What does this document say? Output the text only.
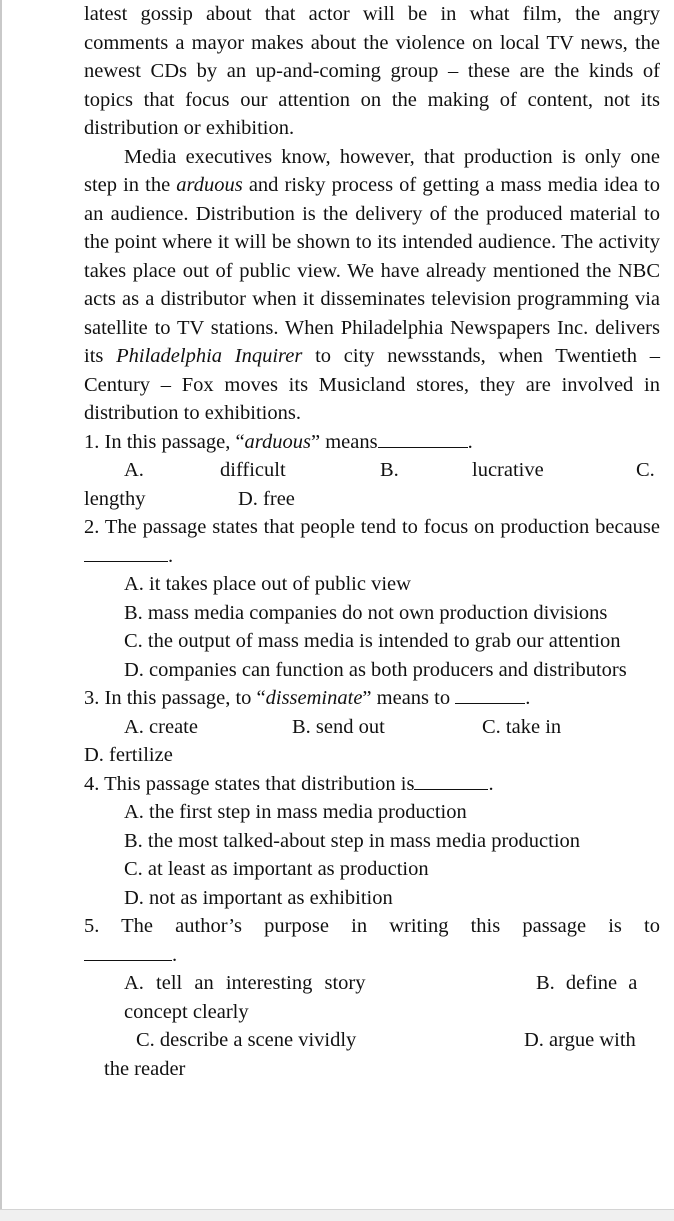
latest gossip about that actor will be in what film, the angry comments a mayor makes about the violence on local TV news, the newest CDs by an up-and-coming group – these are the kinds of topics that focus our attention on the making of content, not its distribution or exhibition.

Media executives know, however, that production is only one step in the arduous and risky process of getting a mass media idea to an audience. Distribution is the delivery of the produced material to the point where it will be shown to its intended audience. The activity takes place out of public view. We have already mentioned the NBC acts as a distributor when it disseminates television programming via satellite to TV stations. When Philadelphia Newspapers Inc. delivers its Philadelphia Inquirer to city newsstands, when Twentieth – Century – Fox moves its Musicland stores, they are involved in distribution to exhibitions.

1. In this passage, “arduous” means	.
A.	difficult	B.	lucrative	C.
lengthy	D. free

2. The passage states that people tend to focus on production because.

A. it takes place out of public view

B. mass media companies do not own production divisions

C. the output of mass media is intended to grab our attention

D. companies can function as both producers and distributors

3. In this passage, to “disseminate” means to	.
A. create	B. send out	C. take in
D. fertilize
4. This passage states that distribution is	.
A. the first step in mass media production
B. the most talked-about step in mass media production
C. at least as important as production
D. not as important as exhibition
5. The author’s purpose in writing this passage is to
.
A. tell an interesting story	B. define a
concept clearly
C. describe a scene vividly	D. argue with
the reader
